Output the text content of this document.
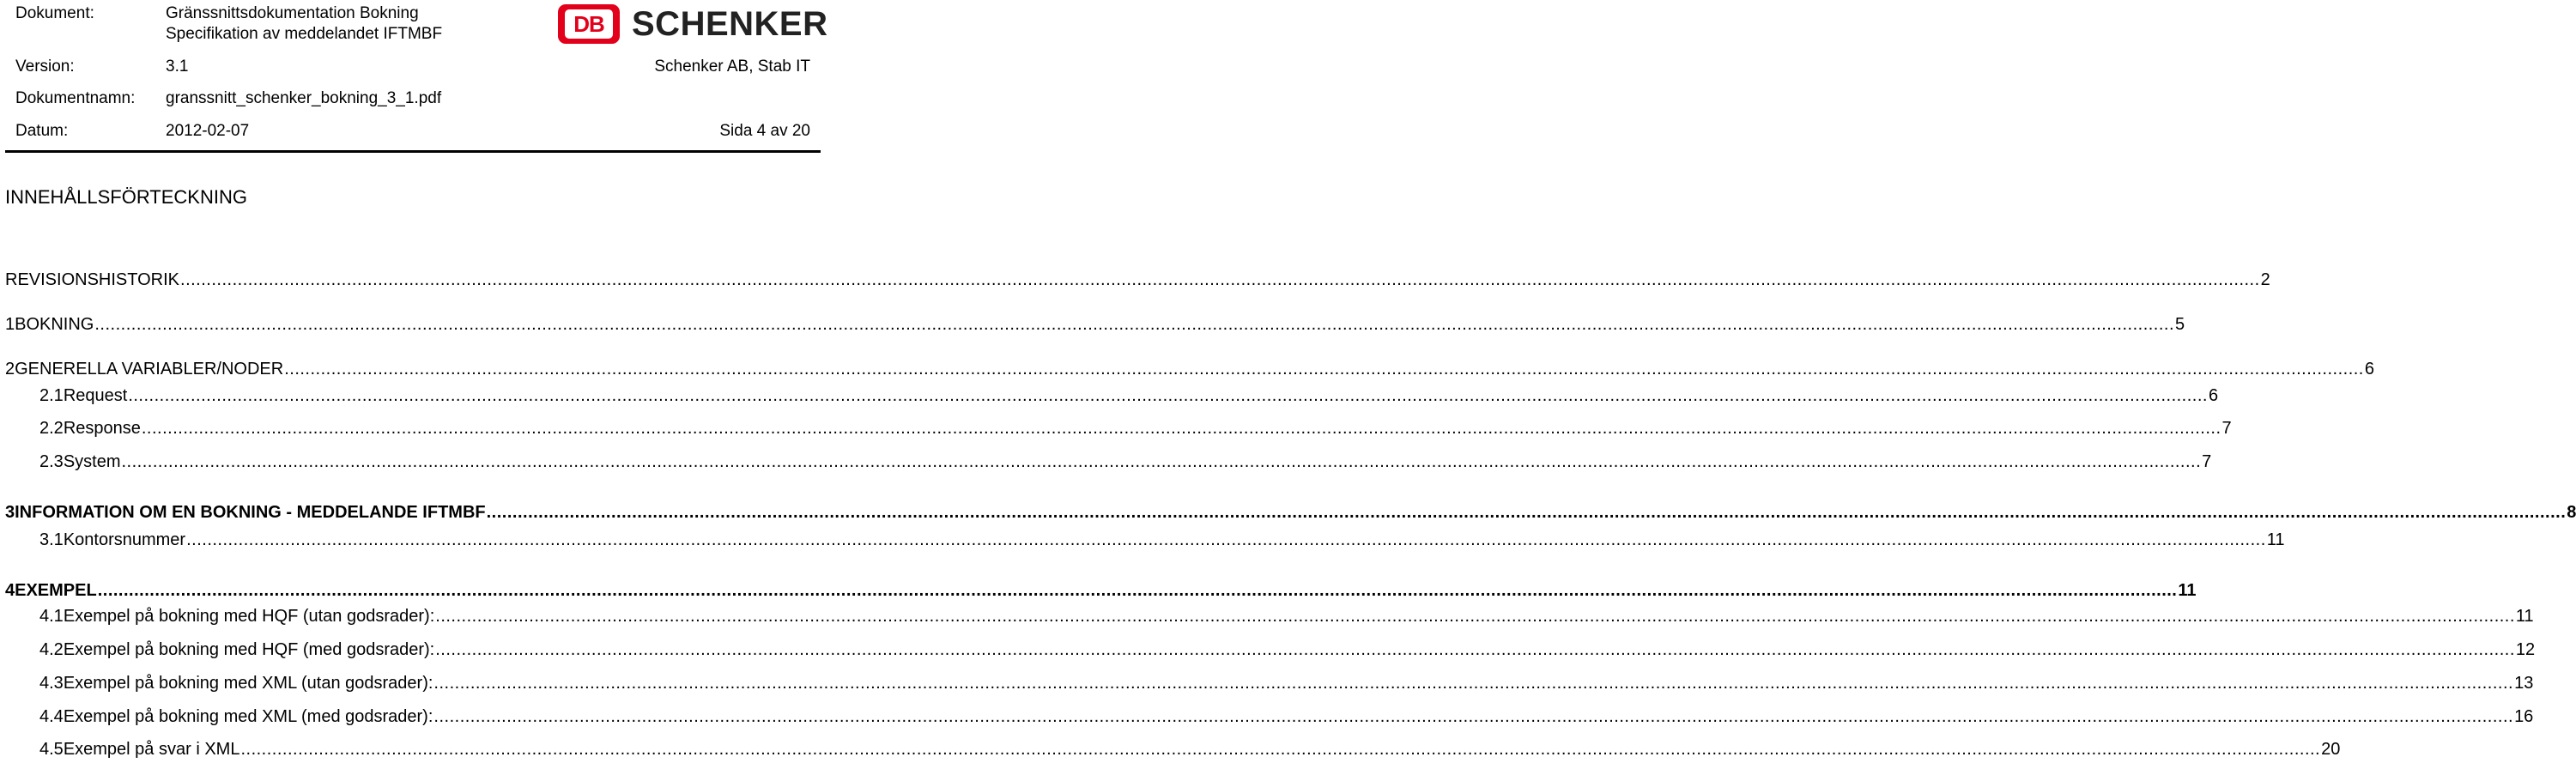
Dokument:	Gränssnittsdokumentation Bokning
Specifikation av meddelandet IFTMBF	DB SCHENKER
Version:	3.1	Schenker AB, Stab IT
Dokumentnamn: granssnitt_schenker_bokning_3_1.pdf
Datum:	2012-02-07	Sida 4 av 20
INNEHÅLLSFÖRTECKNING
REVISIONSHISTORIK ................................................................................................................................................................................................................................................................................................................................................................................................................ 2
1 BOKNING ................................................................................................................................................................................................................................................................................................................................................................................................................ 5
2 GENERELLA VARIABLER/NODER ................................................................................................................................................................................................................................................................................................................................................................................................................ 6
2.1 Request ................................................................................................................................................................................................................................................................................................................................................................................................................ 6
2.2 Response ................................................................................................................................................................................................................................................................................................................................................................................................................ 7
2.3 System ................................................................................................................................................................................................................................................................................................................................................................................................................ 7
3 INFORMATION OM EN BOKNING - MEDDELANDE IFTMBF ................................................................................................................................................................................................................................................................................................................................................................................................................ 8
3.1 Kontorsnummer ................................................................................................................................................................................................................................................................................................................................................................................................................ 11
4 EXEMPEL ................................................................................................................................................................................................................................................................................................................................................................................................................ 11
4.1 Exempel på bokning med HQF (utan godsrader): ................................................................................................................................................................................................................................................................................................................................................................................................................ 11
4.2 Exempel på bokning med HQF (med godsrader): ................................................................................................................................................................................................................................................................................................................................................................................................................ 12
4.3 Exempel på bokning med XML (utan godsrader): ................................................................................................................................................................................................................................................................................................................................................................................................................ 13
4.4 Exempel på bokning med XML (med godsrader): ................................................................................................................................................................................................................................................................................................................................................................................................................ 16
4.5 Exempel på svar i XML ................................................................................................................................................................................................................................................................................................................................................................................................................ 20
